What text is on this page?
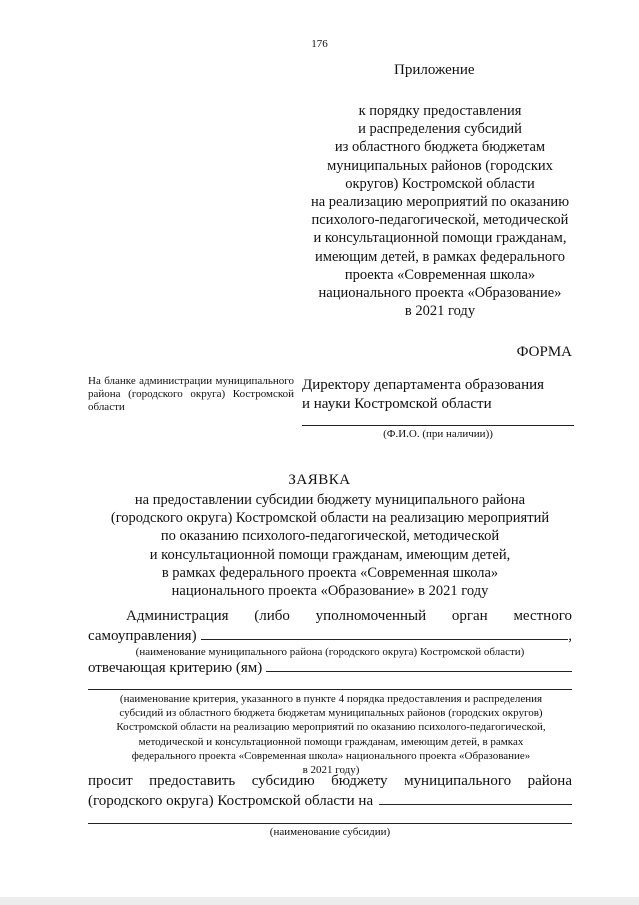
176
Приложение
к порядку предоставления
и распределения субсидий
из областного бюджета бюджетам
муниципальных районов (городских
округов) Костромской области
на реализацию мероприятий по оказанию
психолого-педагогической, методической
и консультационной помощи гражданам,
имеющим детей, в рамках федерального
проекта «Современная школа»
национального проекта «Образование»
в 2021 году
ФОРМА
На бланке администрации муниципального района (городского округа) Костромской области
Директору департамента образования
и науки Костромской области
(Ф.И.О. (при наличии))
ЗАЯВКА
на предоставлении субсидии бюджету муниципального района
(городского округа) Костромской области на реализацию мероприятий
по оказанию психолого-педагогической, методической
и консультационной помощи гражданам, имеющим детей,
в рамках федерального проекта «Современная школа»
национального проекта «Образование» в 2021 году
Администрация (либо уполномоченный орган местного
самоуправления)	,
(наименование муниципального района (городского округа) Костромской области)
отвечающая критерию (ям)
(наименование критерия, указанного в пункте 4 порядка предоставления и распределения
субсидий из областного бюджета бюджетам муниципальных районов (городских округов)
Костромской области на реализацию мероприятий по оказанию психолого-педагогической,
методической и консультационной помощи гражданам, имеющим детей, в рамках
федерального проекта «Современная школа» национального проекта «Образование»
в 2021 году)
просит предоставить субсидию бюджету муниципального района
(городского округа) Костромской области на
(наименование субсидии)
